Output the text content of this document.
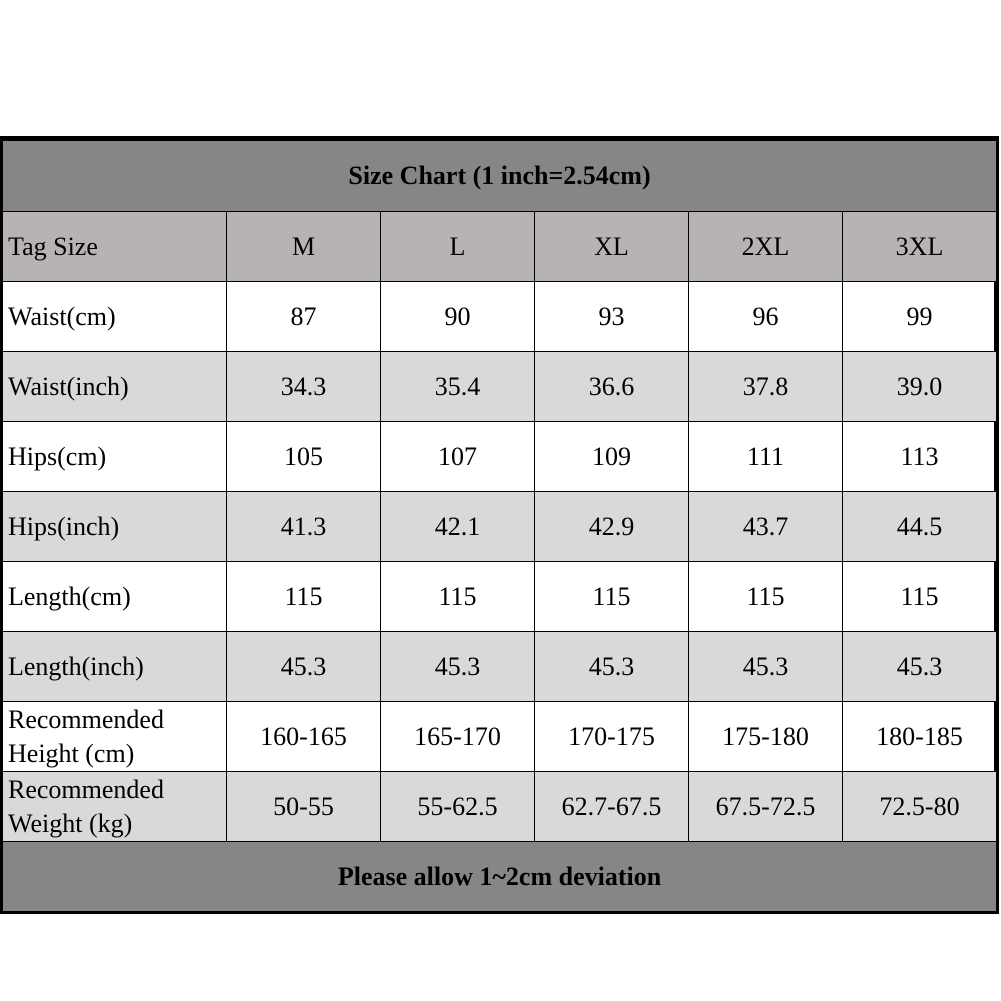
Size Chart (1 inch=2.54cm)					
Tag Size	M	L	XL	2XL	3XL
Waist(cm)	87	90	93	96	99
Waist(inch)	34.3	35.4	36.6	37.8	39.0
Hips(cm)	105	107	109	111	113
Hips(inch)	41.3	42.1	42.9	43.7	44.5
Length(cm)	115	115	115	115	115
Length(inch)	45.3	45.3	45.3	45.3	45.3

Recommended
Height (cm)	160-165	165-170	170-175	175-180	180-185

Recommended
Weight (kg)	50-55	55-62.5	62.7-67.5	67.5-72.5	72.5-80
Please allow 1~2cm deviation					
